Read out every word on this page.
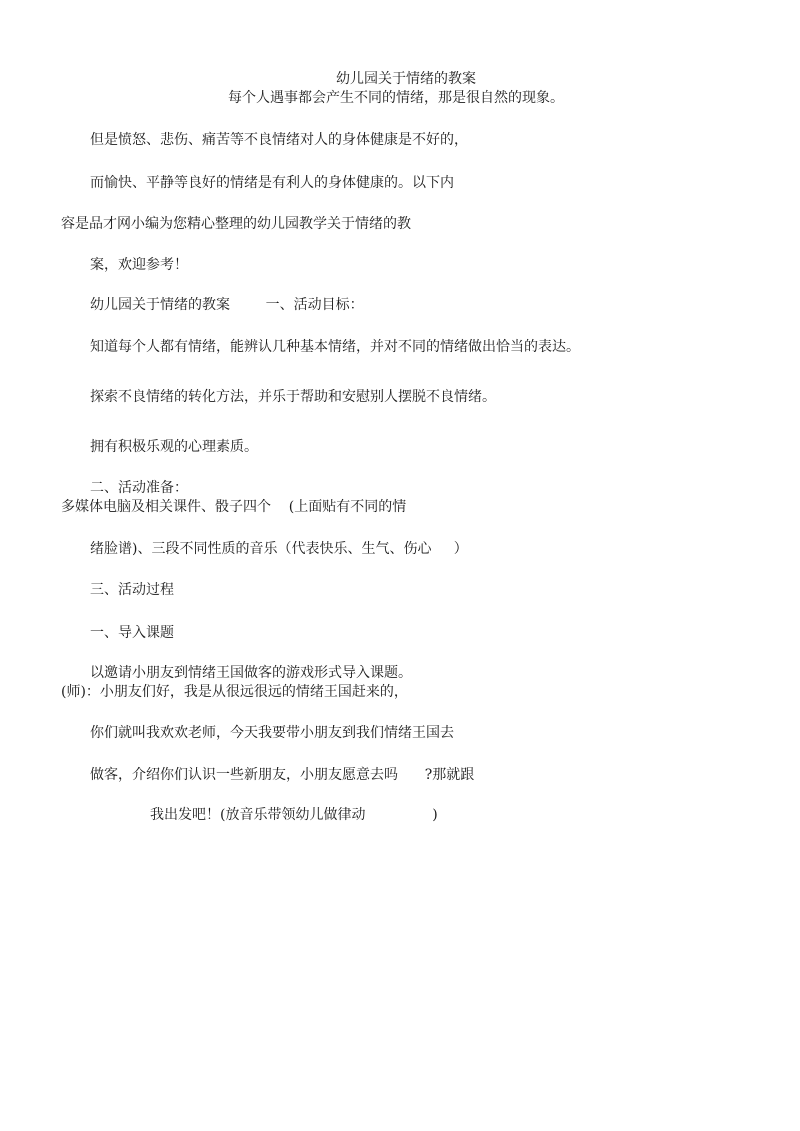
幼儿园关于情绪的教案
每个人遇事都会产生不同的情绪，那是很自然的现象。
但是愤怒、悲伤、痛苦等不良情绪对人的身体健康是不好的，
而愉快、平静等良好的情绪是有利人的身体健康的。以下内
容是品才网小编为您精心整理的幼儿园教学关于情绪的教
案，欢迎参考！
幼儿园关于情绪的教案        一、活动目标：
知道每个人都有情绪，能辨认几种基本情绪，并对不同的情绪做出恰当的表达。
探索不良情绪的转化方法，并乐于帮助和安慰别人摆脱不良情绪。
拥有积极乐观的心理素质。
二、活动准备：
多媒体电脑及相关课件、骰子四个    (上面贴有不同的情
绪脸谱)、三段不同性质的音乐（代表快乐、生气、伤心     ）
三、活动过程
一、导入课题
以邀请小朋友到情绪王国做客的游戏形式导入课题。
(师)：小朋友们好，我是从很远很远的情绪王国赶来的，
你们就叫我欢欢老师，今天我要带小朋友到我们情绪王国去
做客，介绍你们认识一些新朋友，小朋友愿意去吗      ?那就跟
我出发吧！(放音乐带领幼儿做律动               )
